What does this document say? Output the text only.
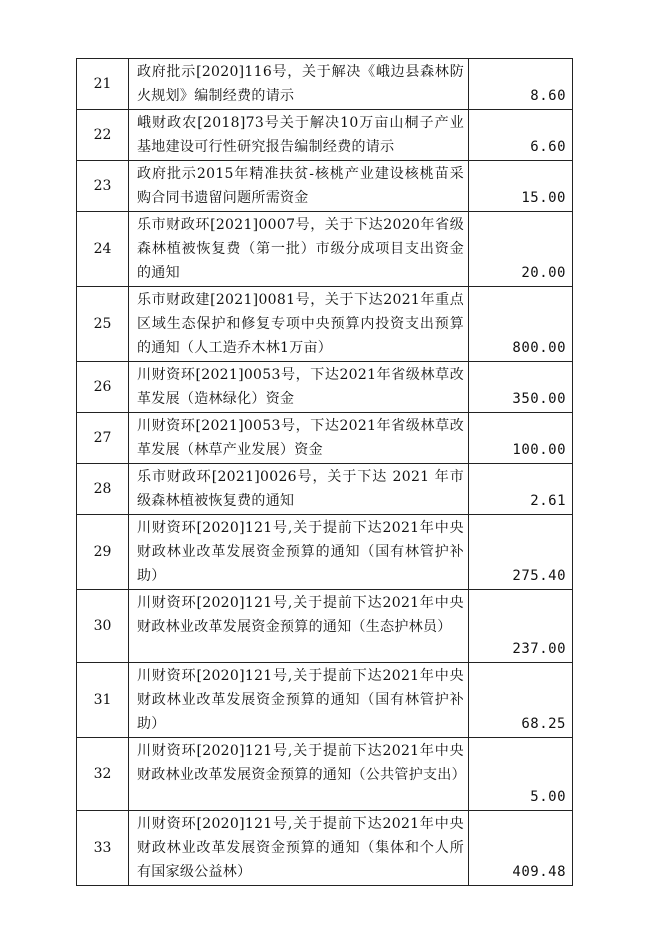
21	政府批示[2020]116号，关于解决《峨边县森林防火规划》编制经费的请示	8.60
22	峨财政农[2018]73号关于解决10万亩山桐子产业基地建设可行性研究报告编制经费的请示	6.60
23	政府批示2015年精准扶贫-核桃产业建设核桃苗采购合同书遗留问题所需资金	15.00
24	乐市财政环[2021]0007号，关于下达2020年省级森林植被恢复费（第一批）市级分成项目支出资金的通知	20.00
25	乐市财政建[2021]0081号，关于下达2021年重点区域生态保护和修复专项中央预算内投资支出预算的通知（人工造乔木林1万亩）	800.00
26	川财资环[2021]0053号，下达2021年省级林草改革发展（造林绿化）资金	350.00
27	川财资环[2021]0053号，下达2021年省级林草改革发展（林草产业发展）资金	100.00
28	乐市财政环[2021]0026号，关于下达 2021 年市级森林植被恢复费的通知	2.61
29	川财资环[2020]121号,关于提前下达2021年中央财政林业改革发展资金预算的通知（国有林管护补助）	275.40
30	川财资环[2020]121号,关于提前下达2021年中央财政林业改革发展资金预算的通知（生态护林员）	237.00
31	川财资环[2020]121号,关于提前下达2021年中央财政林业改革发展资金预算的通知（国有林管护补助）	68.25
32	川财资环[2020]121号,关于提前下达2021年中央财政林业改革发展资金预算的通知（公共管护支出）	5.00
33	川财资环[2020]121号,关于提前下达2021年中央财政林业改革发展资金预算的通知（集体和个人所有国家级公益林）	409.48
